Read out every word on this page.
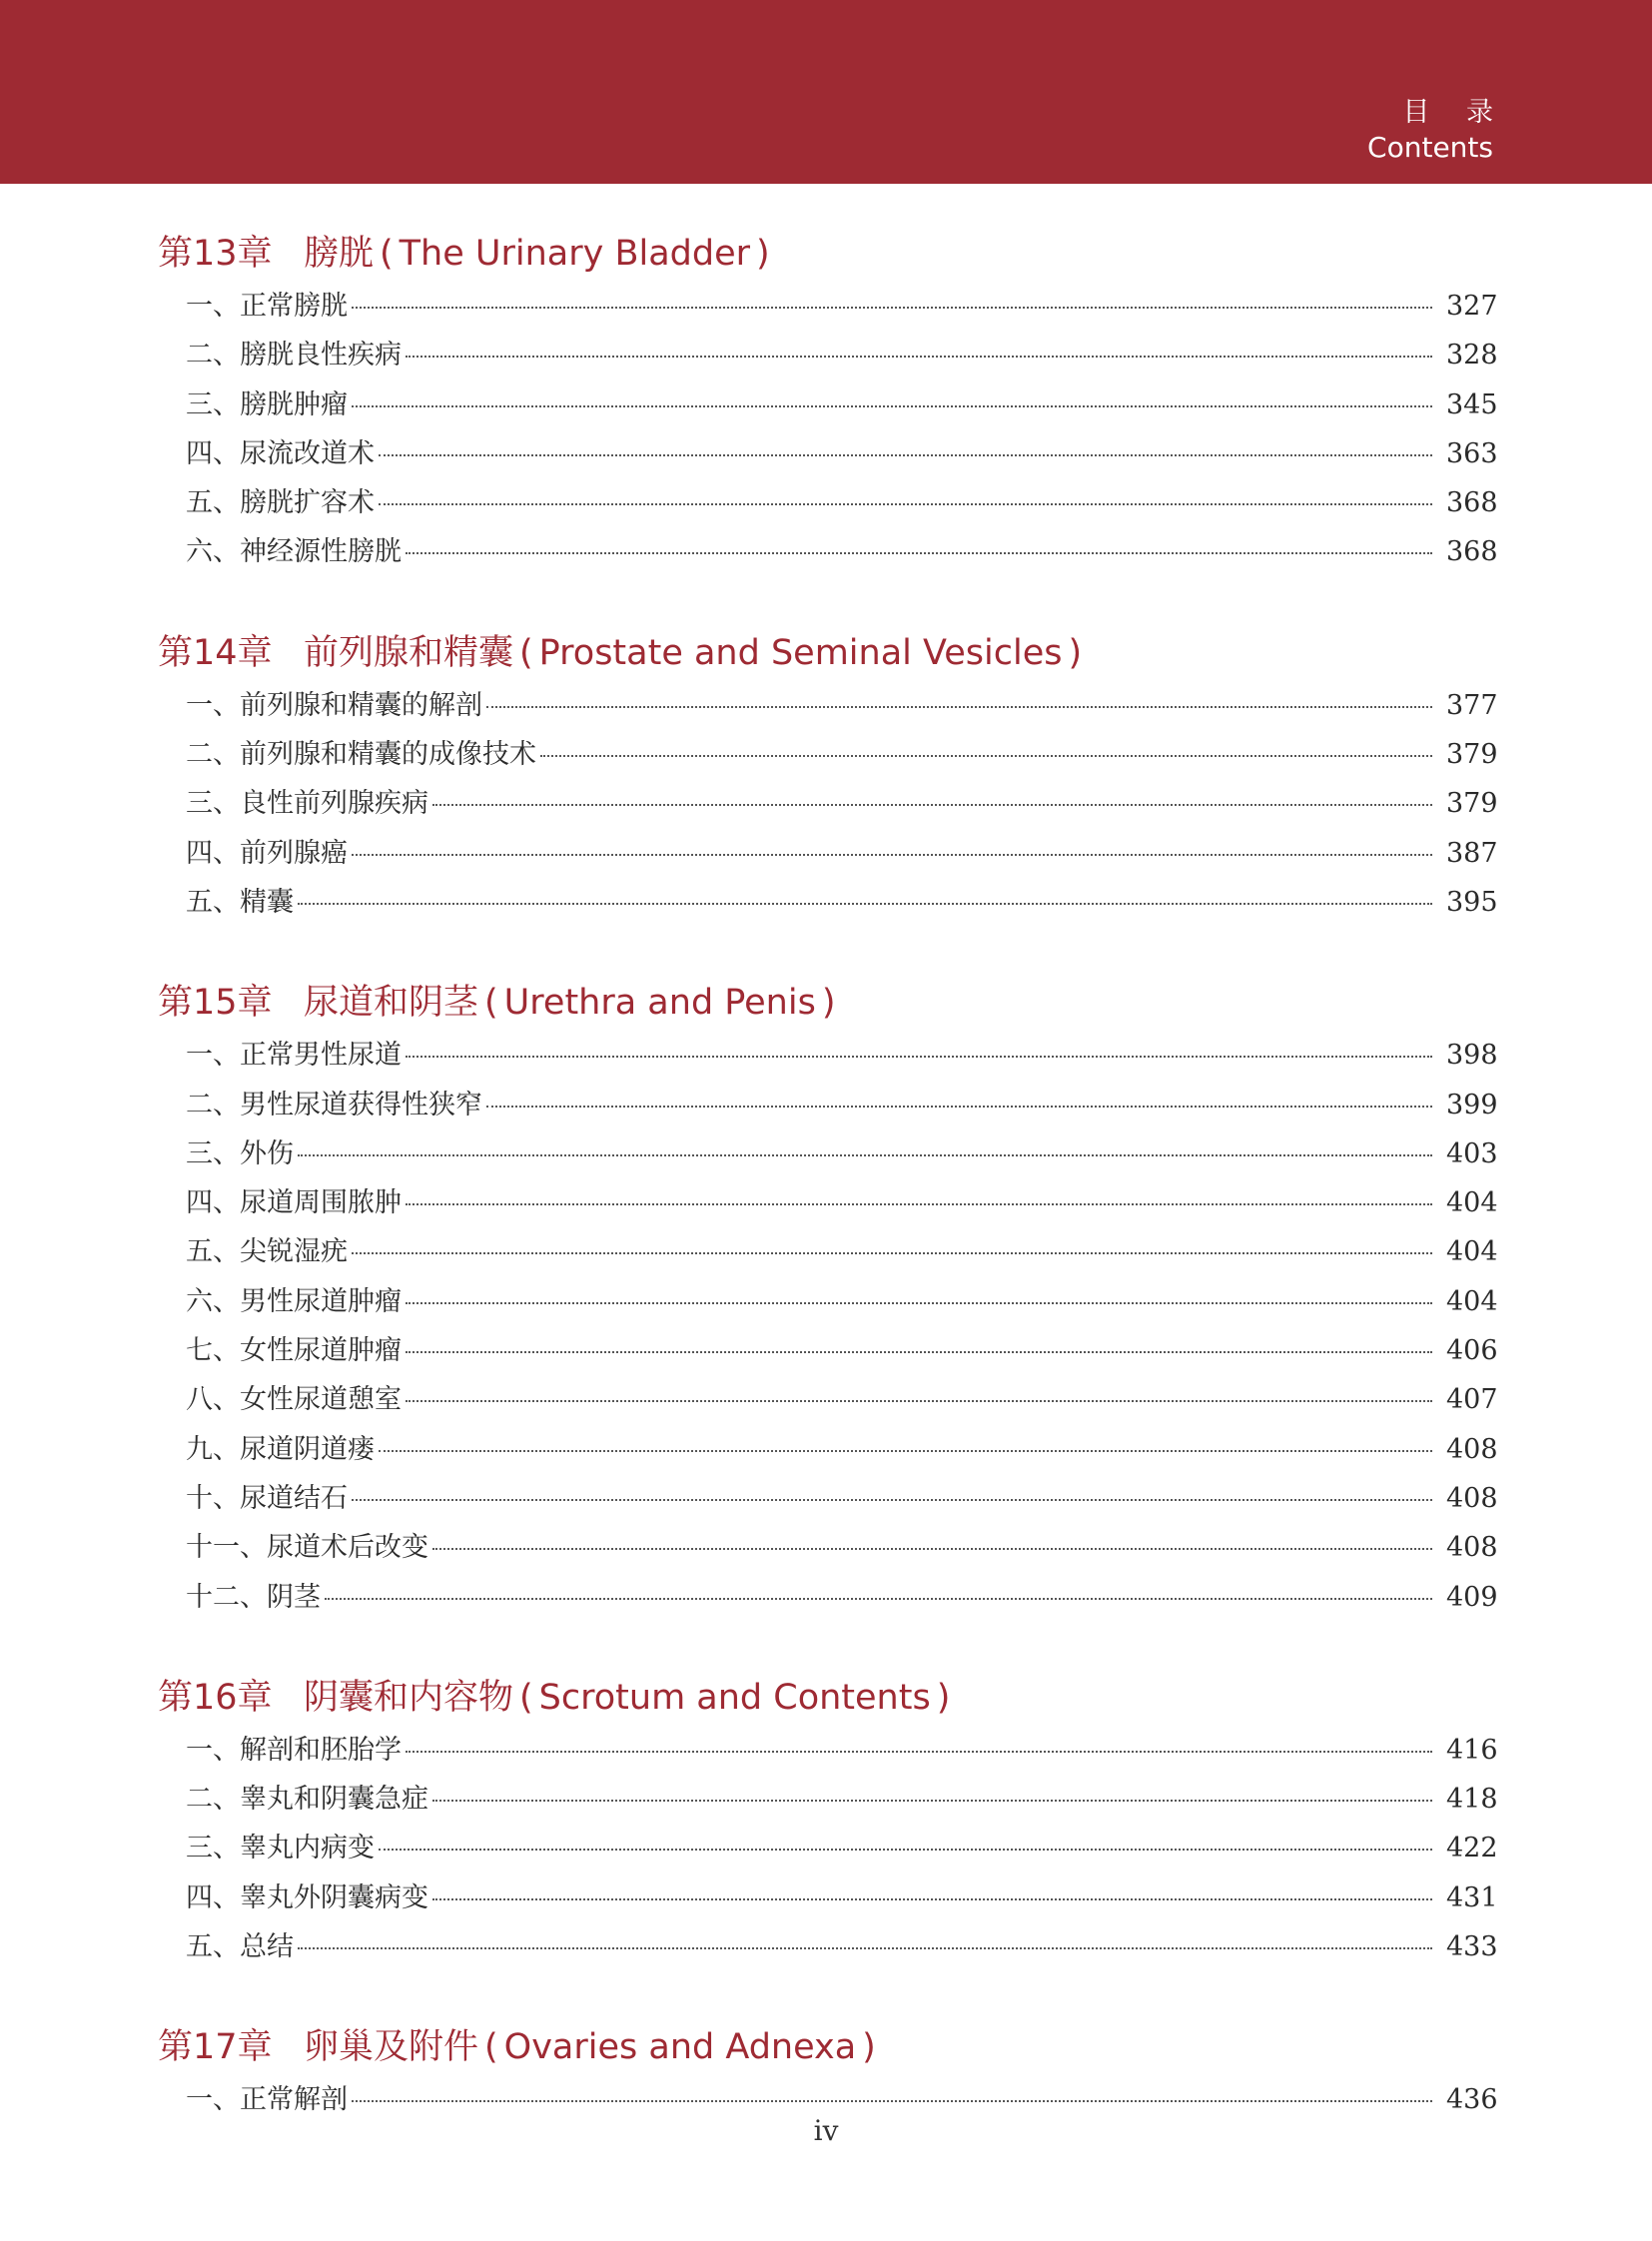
目 录
Contents
第13章 膀胱 ( The Urinary Bladder )
一、正常膀胱	327
二、膀胱良性疾病	328
三、膀胱肿瘤	345
四、尿流改道术	363
五、膀胱扩容术	368
六、神经源性膀胱	368
第14章 前列腺和精囊 ( Prostate and Seminal Vesicles )
一、前列腺和精囊的解剖	377
二、前列腺和精囊的成像技术	379
三、良性前列腺疾病	379
四、前列腺癌	387
五、精囊	395
第15章 尿道和阴茎 ( Urethra and Penis )
一、正常男性尿道	398
二、男性尿道获得性狭窄	399
三、外伤	403
四、尿道周围脓肿	404
五、尖锐湿疣	404
六、男性尿道肿瘤	404
七、女性尿道肿瘤	406
八、女性尿道憩室	407
九、尿道阴道瘘	408
十、尿道结石	408
十一、尿道术后改变	408
十二、阴茎	409
第16章 阴囊和内容物 ( Scrotum and Contents )
一、解剖和胚胎学	416
二、睾丸和阴囊急症	418
三、睾丸内病变	422
四、睾丸外阴囊病变	431
五、总结	433
第17章 卵巢及附件 ( Ovaries and Adnexa )
一、正常解剖	436
iv
